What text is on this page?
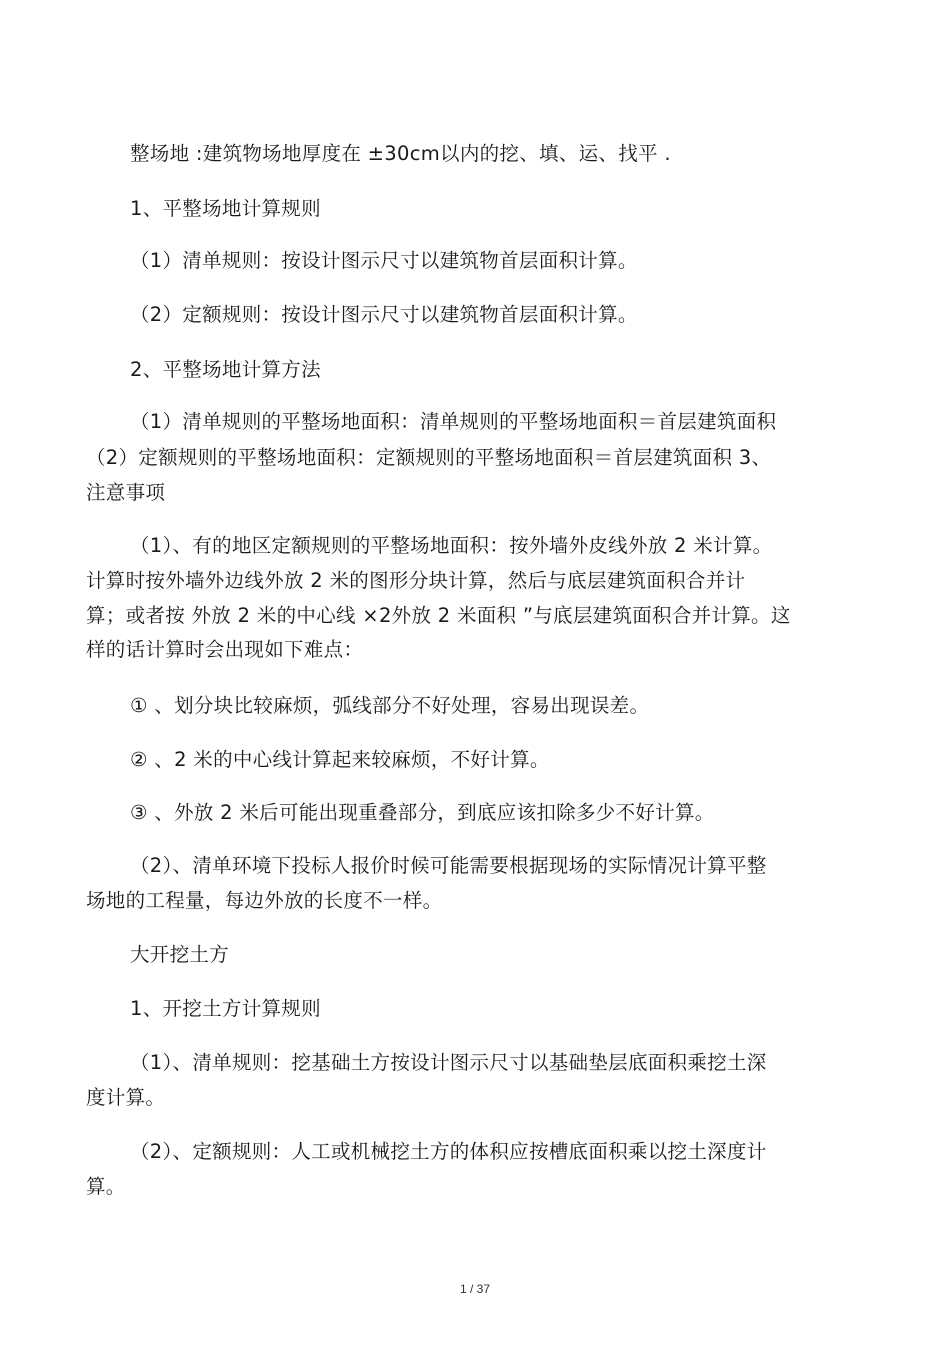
整场地 :建筑物场地厚度在 ±30cm以内的挖、填、运、找平 .
1、平整场地计算规则
（1）清单规则：按设计图示尺寸以建筑物首层面积计算。
（2）定额规则：按设计图示尺寸以建筑物首层面积计算。
2、平整场地计算方法
（1）清单规则的平整场地面积：清单规则的平整场地面积＝首层建筑面积
（2）定额规则的平整场地面积：定额规则的平整场地面积＝首层建筑面积 3、
注意事项
（1）、有的地区定额规则的平整场地面积：按外墙外皮线外放 2 米计算。
计算时按外墙外边线外放 2 米的图形分块计算，然后与底层建筑面积合并计
算；或者按 外放 2 米的中心线 ×2外放 2 米面积 ”与底层建筑面积合并计算。这
样的话计算时会出现如下难点：
① 、划分块比较麻烦，弧线部分不好处理，容易出现误差。
② 、2 米的中心线计算起来较麻烦，不好计算。
③ 、外放 2 米后可能出现重叠部分，到底应该扣除多少不好计算。
（2）、清单环境下投标人报价时候可能需要根据现场的实际情况计算平整
场地的工程量，每边外放的长度不一样。
大开挖土方
1、开挖土方计算规则
（1）、清单规则：挖基础土方按设计图示尺寸以基础垫层底面积乘挖土深
度计算。
（2）、定额规则：人工或机械挖土方的体积应按槽底面积乘以挖土深度计
算。
1 / 37
